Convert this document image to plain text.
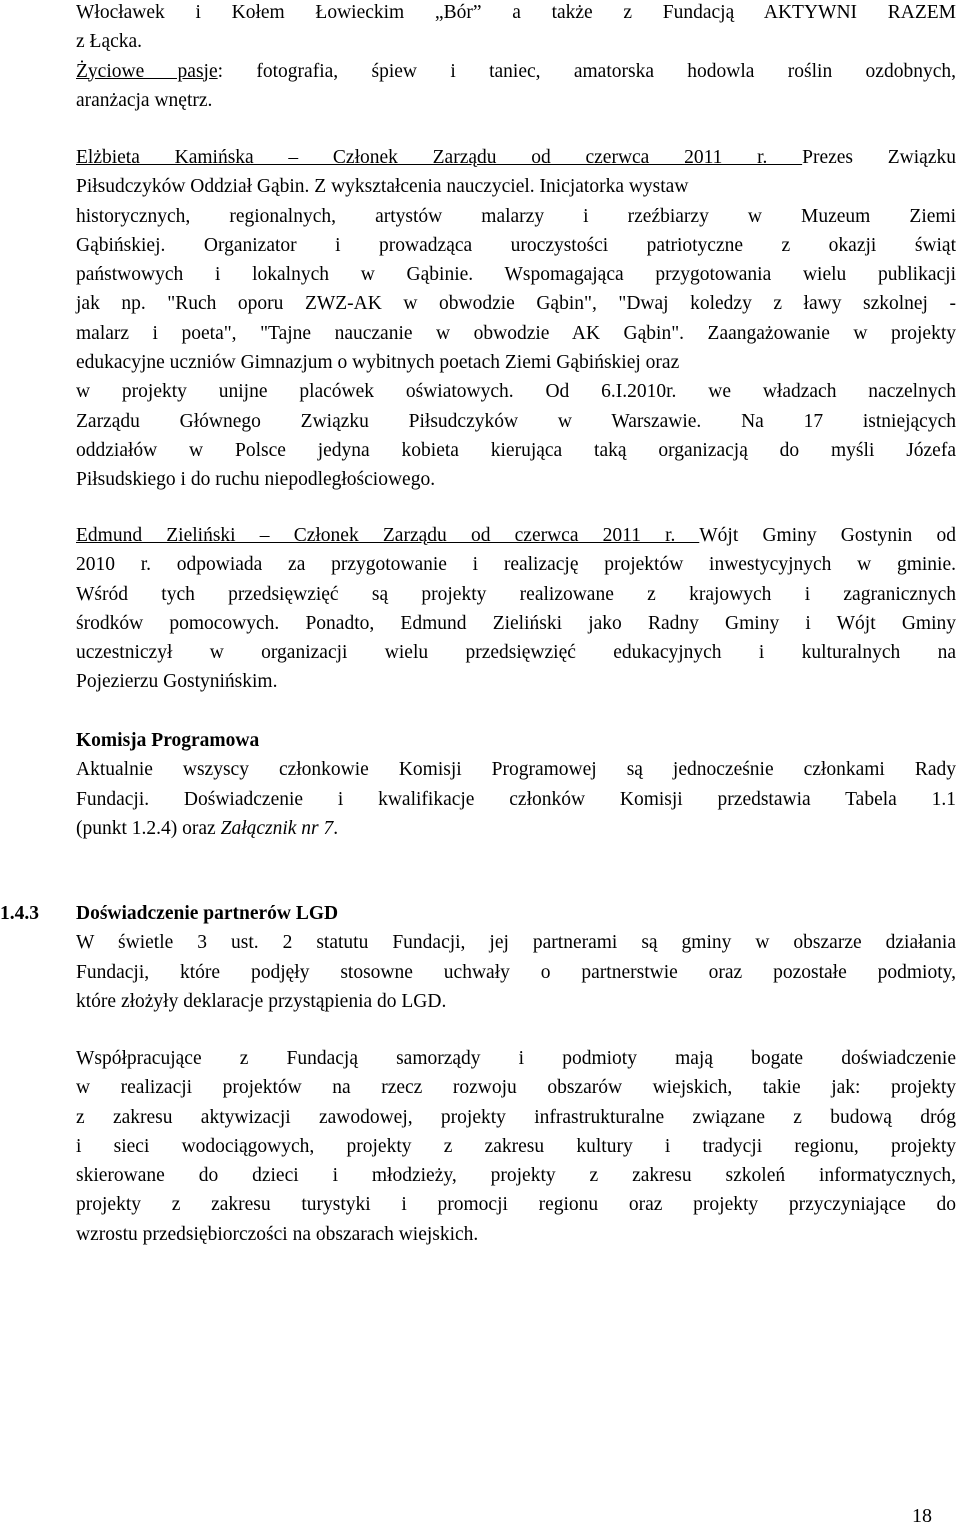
Włocławek i Kołem Łowieckim „Bór” a także z Fundacją AKTYWNI RAZEM
z Łącka.
Życiowe pasje: fotografia, śpiew i taniec, amatorska hodowla roślin ozdobnych,
aranżacja wnętrz.
Elżbieta Kamińska – Członek Zarządu od czerwca 2011 r. Prezes Związku
Piłsudczyków Oddział Gąbin. Z wykształcenia nauczyciel. Inicjatorka wystaw
historycznych, regionalnych, artystów malarzy i rzeźbiarzy w Muzeum Ziemi
Gąbińskiej. Organizator i prowadząca uroczystości patriotyczne z okazji świąt
państwowych i lokalnych w Gąbinie. Wspomagająca przygotowania wielu publikacji
jak np. "Ruch oporu ZWZ-AK w obwodzie Gąbin", "Dwaj koledzy z ławy szkolnej -
malarz i poeta", "Tajne nauczanie w obwodzie AK Gąbin". Zaangażowanie w projekty
edukacyjne uczniów Gimnazjum o wybitnych poetach Ziemi Gąbińskiej oraz
w projekty unijne placówek oświatowych. Od 6.I.2010r. we władzach naczelnych
Zarządu Głównego Związku Piłsudczyków w Warszawie. Na 17 istniejących
oddziałów w Polsce jedyna kobieta kierująca taką organizacją do myśli Józefa
Piłsudskiego i do ruchu niepodległościowego.
Edmund Zieliński – Członek Zarządu od czerwca 2011 r. Wójt Gminy Gostynin od
2010 r. odpowiada za przygotowanie i realizację projektów inwestycyjnych w gminie.
Wśród tych przedsięwzięć są projekty realizowane z krajowych i zagranicznych
środków pomocowych. Ponadto, Edmund Zieliński jako Radny Gminy i Wójt Gminy
uczestniczył w organizacji wielu przedsięwzięć edukacyjnych i kulturalnych na
Pojezierzu Gostynińskim.
Komisja Programowa
Aktualnie wszyscy członkowie Komisji Programowej są jednocześnie członkami Rady
Fundacji. Doświadczenie i kwalifikacje członków Komisji przedstawia Tabela 1.1
(punkt 1.2.4) oraz Załącznik nr 7.
1.4.3 Doświadczenie partnerów LGD
W świetle 3 ust. 2 statutu Fundacji, jej partnerami są gminy w obszarze działania
Fundacji, które podjęły stosowne uchwały o partnerstwie oraz pozostałe podmioty,
które złożyły deklaracje przystąpienia do LGD.
Współpracujące z Fundacją samorządy i podmioty mają bogate doświadczenie
w realizacji projektów na rzecz rozwoju obszarów wiejskich, takie jak: projekty
z zakresu aktywizacji zawodowej, projekty infrastrukturalne związane z budową dróg
i sieci wodociągowych, projekty z zakresu kultury i tradycji regionu, projekty
skierowane do dzieci i młodzieży, projekty z zakresu szkoleń informatycznych,
projekty z zakresu turystyki i promocji regionu oraz projekty przyczyniające do
wzrostu przedsiębiorczości na obszarach wiejskich.
18
